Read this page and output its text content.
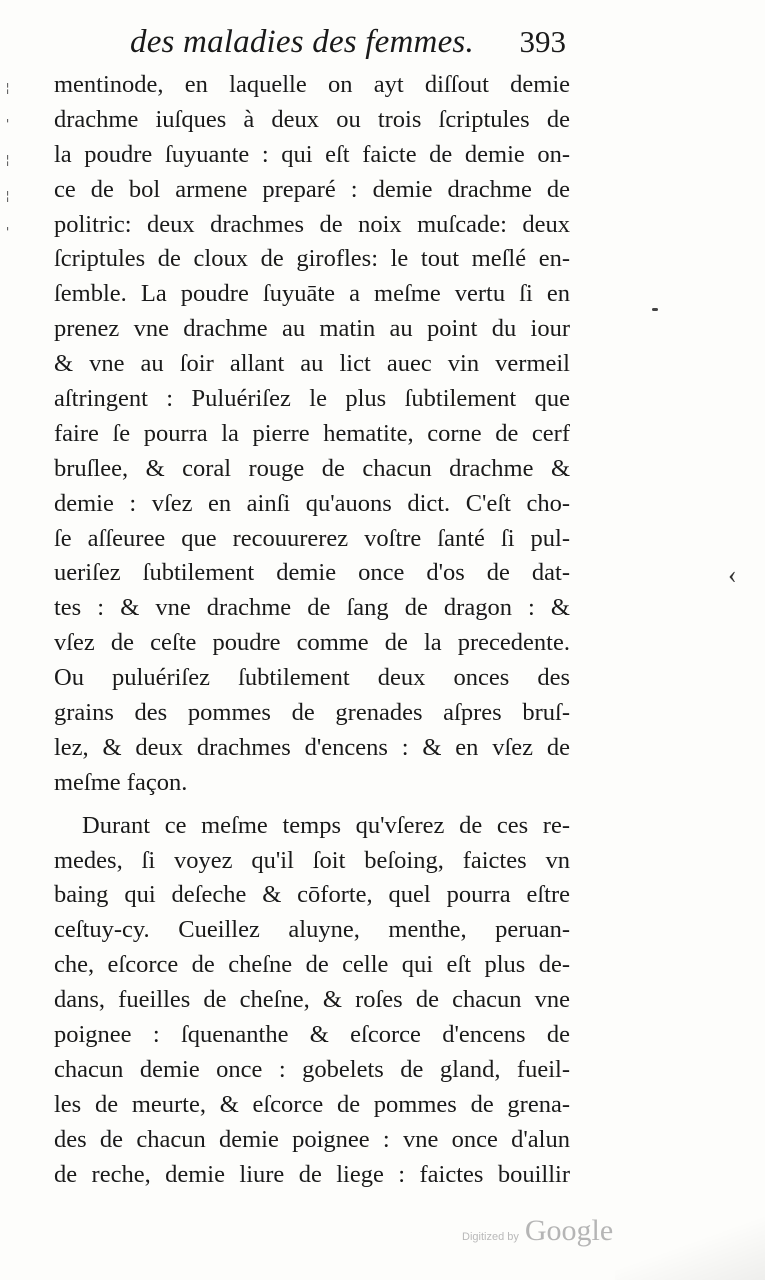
¦
'
¦
¦
'
des maladies des femmes. 393
‹
mentinode, en laquelle on ayt diſſout demie
drachme iuſques à deux ou trois ſcriptules de
la poudre ſuyuante : qui eſt faicte de demie on-
ce de bol armene preparé : demie drachme de
politric: deux drachmes de noix muſcade: deux
ſcriptules de cloux de girofles: le tout meſlé en-
ſemble. La poudre ſuyuāte a meſme vertu ſi en
prenez vne drachme au matin au point du iour
& vne au ſoir allant au lict auec vin vermeil
aſtringent : Puluériſez le plus ſubtilement que
faire ſe pourra la pierre hematite, corne de cerf
bruſlee, & coral rouge de chacun drachme &
demie : vſez en ainſi qu'auons dict. C'eſt cho-
ſe aſſeuree que recouurerez voſtre ſanté ſi pul-
ueriſez ſubtilement demie once d'os de dat-
tes : & vne drachme de ſang de dragon : &
vſez de ceſte poudre comme de la precedente.
Ou puluériſez ſubtilement deux onces des
grains des pommes de grenades aſpres bruſ-
lez, & deux drachmes d'encens : & en vſez de
meſme façon.
Durant ce meſme temps qu'vſerez de ces re-
medes, ſi voyez qu'il ſoit beſoing, faictes vn
baing qui deſeche & cōforte, quel pourra eſtre
ceſtuy-cy. Cueillez aluyne, menthe, peruan-
che, eſcorce de cheſne de celle qui eſt plus de-
dans, fueilles de cheſne, & roſes de chacun vne
poignee : ſquenanthe & eſcorce d'encens de
chacun demie once : gobelets de gland, fueil-
les de meurte, & eſcorce de pommes de grena-
des de chacun demie poignee : vne once d'alun
de reche, demie liure de liege : faictes bouillir
Digitized by Google
